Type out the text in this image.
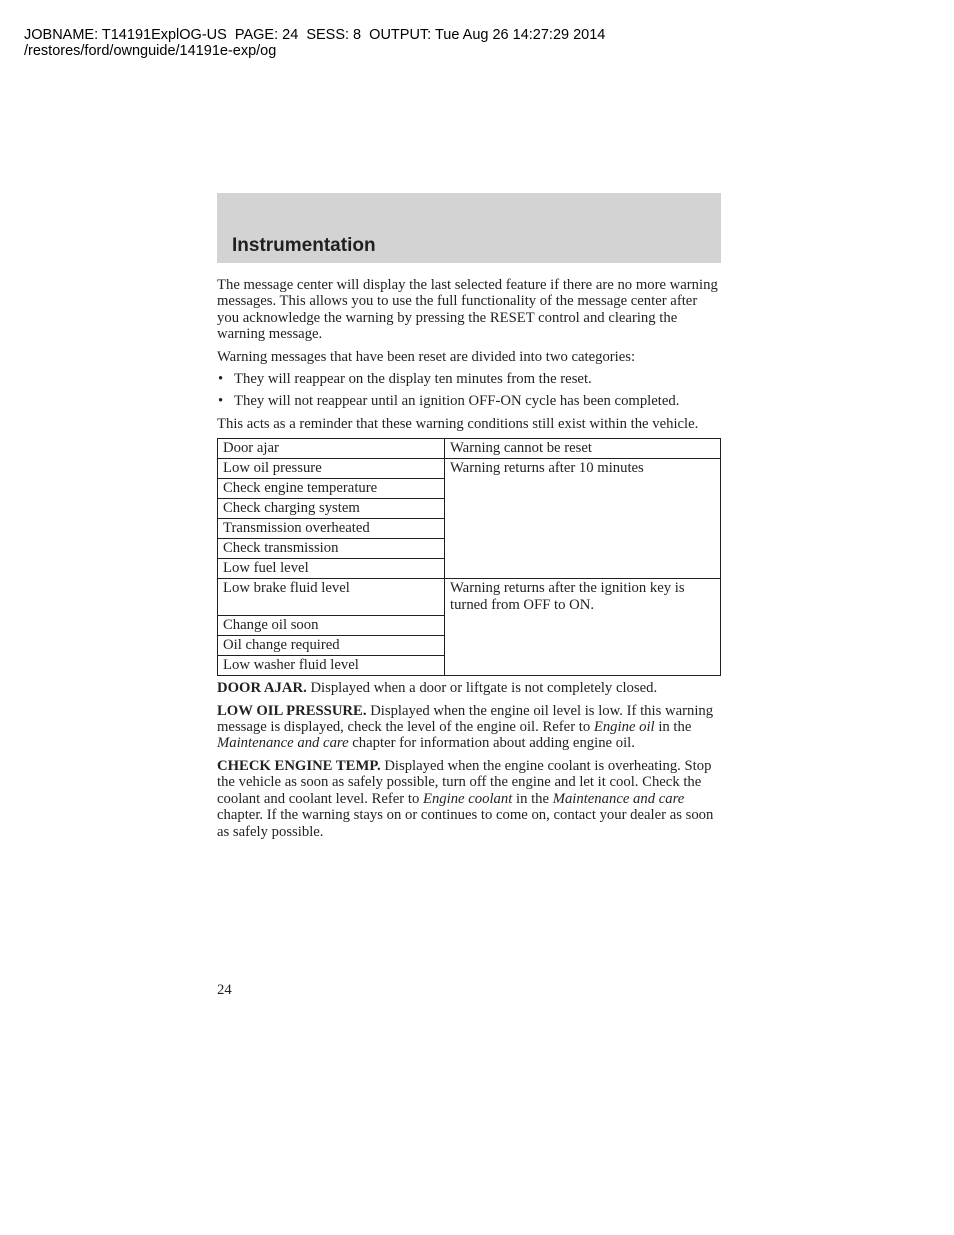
JOBNAME: T14191ExplOG-US  PAGE: 24  SESS: 8  OUTPUT: Tue Aug 26 14:27:29 2014
/restores/ford/ownguide/14191e-exp/og
Instrumentation

The message center will display the last selected feature if there are no more warning messages. This allows you to use the full functionality of the message center after you acknowledge the warning by pressing the RESET control and clearing the warning message.

Warning messages that have been reset are divided into two categories:

• They will reappear on the display ten minutes from the reset.
• They will not reappear until an ignition OFF-ON cycle has been completed.

This acts as a reminder that these warning conditions still exist within the vehicle.

Door ajar	Warning cannot be reset
Low oil pressure	Warning returns after 10 minutes
Check engine temperature	
Check charging system	
Transmission overheated	
Check transmission	
Low fuel level	
Low brake fluid level	Warning returns after the ignition key is turned from OFF to ON.
Change oil soon	
Oil change required	
Low washer fluid level	

DOOR AJAR. Displayed when a door or liftgate is not completely closed.

LOW OIL PRESSURE. Displayed when the engine oil level is low. If this warning message is displayed, check the level of the engine oil. Refer to Engine oil in the Maintenance and care chapter for information about adding engine oil.

CHECK ENGINE TEMP. Displayed when the engine coolant is overheating. Stop the vehicle as soon as safely possible, turn off the engine and let it cool. Check the coolant and coolant level. Refer to Engine coolant in the Maintenance and care chapter. If the warning stays on or continues to come on, contact your dealer as soon as safely possible.

24
